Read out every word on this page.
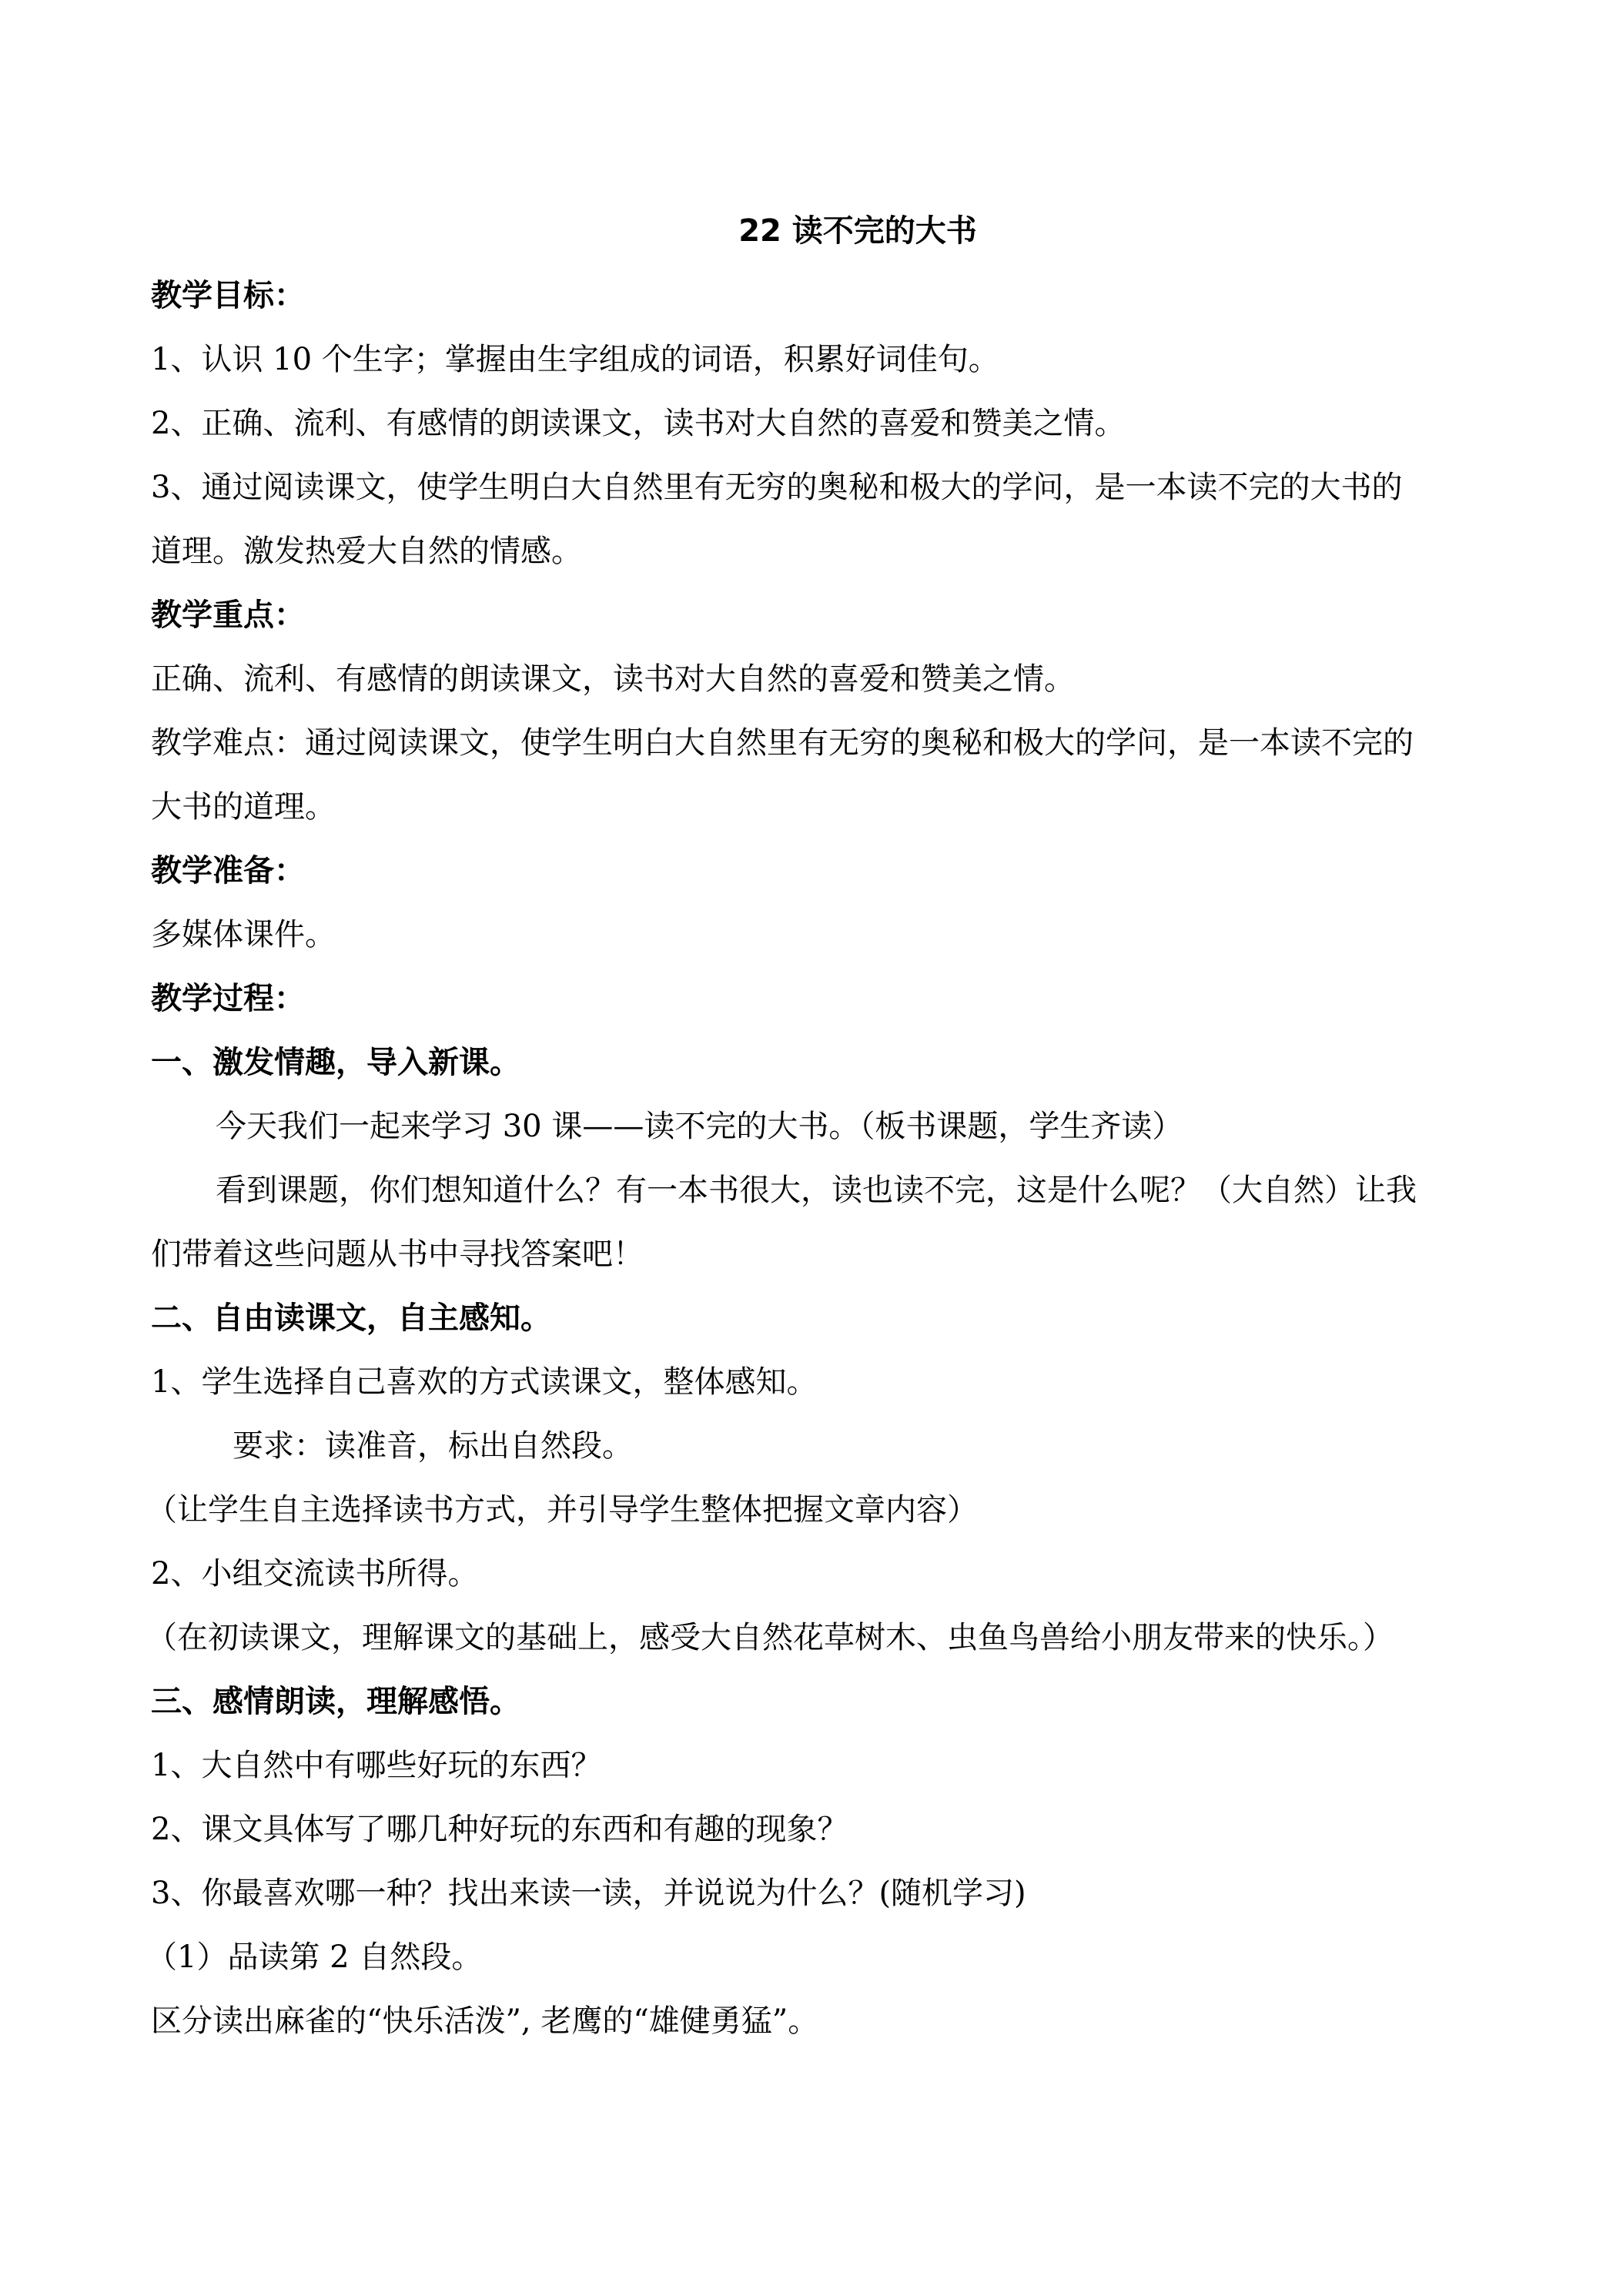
22 读不完的大书
教学目标：
1、认识 10 个生字；掌握由生字组成的词语，积累好词佳句。
2、正确、流利、有感情的朗读课文，读书对大自然的喜爱和赞美之情。
3、通过阅读课文，使学生明白大自然里有无穷的奥秘和极大的学问，是一本读不完的大书的
道理。激发热爱大自然的情感。
教学重点：
正确、流利、有感情的朗读课文，读书对大自然的喜爱和赞美之情。
教学难点：通过阅读课文，使学生明白大自然里有无穷的奥秘和极大的学问，是一本读不完的
大书的道理。
教学准备：
多媒体课件。
教学过程：
一、激发情趣，导入新课。
今天我们一起来学习 30 课——读不完的大书。（板书课题，学生齐读）
看到课题，你们想知道什么？有一本书很大，读也读不完，这是什么呢？（大自然）让我
们带着这些问题从书中寻找答案吧！
二、自由读课文，自主感知。
1、学生选择自己喜欢的方式读课文，整体感知。
要求：读准音，标出自然段。
（让学生自主选择读书方式，并引导学生整体把握文章内容）
2、小组交流读书所得。
（在初读课文，理解课文的基础上，感受大自然花草树木、虫鱼鸟兽给小朋友带来的快乐。）
三、感情朗读，理解感悟。
1、大自然中有哪些好玩的东西？
2、课文具体写了哪几种好玩的东西和有趣的现象？
3、你最喜欢哪一种？找出来读一读，并说说为什么？(随机学习)
（1）品读第 2 自然段。
区分读出麻雀的“快乐活泼”, 老鹰的“雄健勇猛”。
